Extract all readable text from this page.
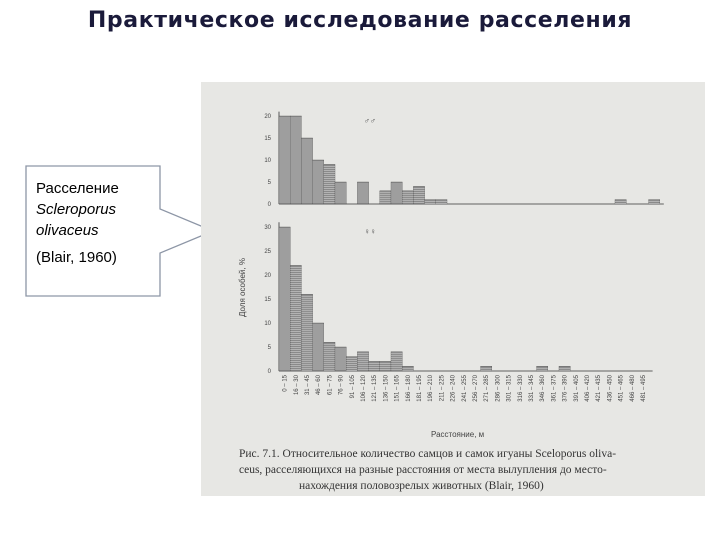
Практическое исследование расселения
Расселение
Scleroporus
olivaceus
(Blair, 1960)
0
5
10
15
20	♂♂
0
5
10
15
20
25
30	♀♀
0 – 15 16 – 30 31 – 45 46 – 60 61 – 75 76 – 90 91 – 105 106 – 120 121 – 135 136 – 150 151 – 165 166 – 180 181 – 195 196 – 210 211 – 225 226 – 240 241 – 255 256 – 270 271 – 285 286 – 300 301 – 315 316 – 330 331 – 345 346 – 360 361 – 375 376 – 390 391 – 405 406 – 420 421 – 435 436 – 450 451 – 465 466 – 480 481 – 495
Доля особей, %
Расстояние, м
Рис. 7.1. Относительное количество самцов и самок игуаны Sceloporus oliva-
ceus, расселяющихся на разные расстояния от места вылупления до место-
нахождения половозрелых животных (Blair, 1960)
